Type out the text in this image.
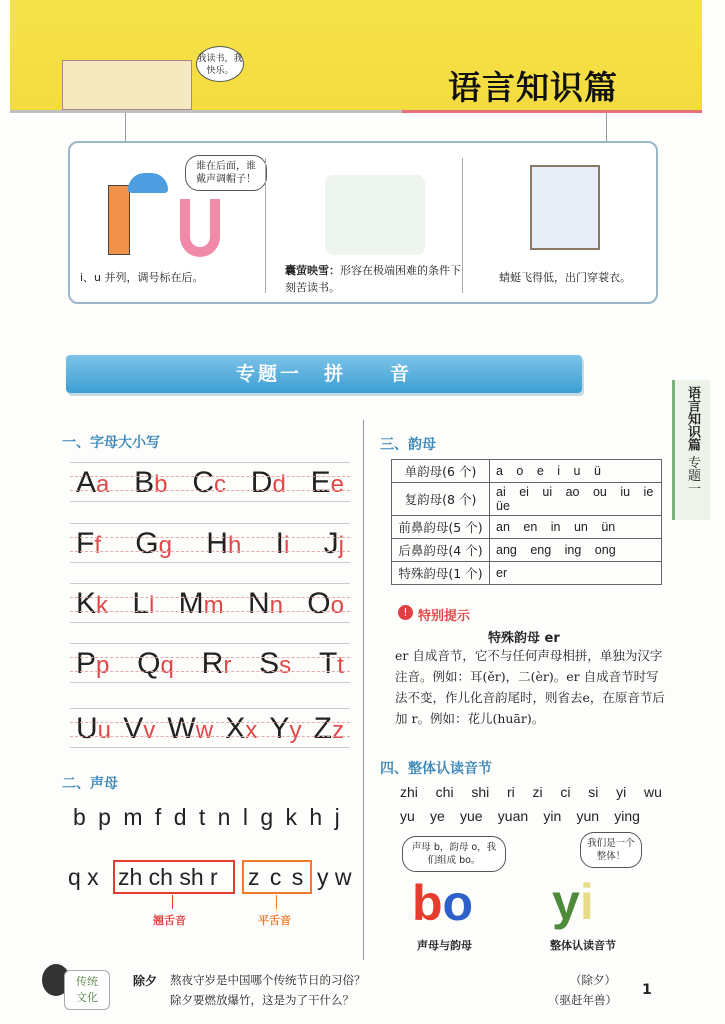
我读书，我快乐。	语言知识篇
谁在后面，谁戴声调帽子！
i、u 并列，调号标在后。
囊萤映雪：形容在极端困难的条件下刻苦读书。
蜻蜓飞得低，出门穿蓑衣。
专题一　拼　　音
语言知识篇 专题一
一、字母大小写
Aa Bb Cc Dd Ee
Ff Gg Hh Ii Jj
Kk Ll Mm Nn Oo
Pp Qq Rr Ss Tt
Uu Vv Ww Xx Yy Zz
二、声母
b p m f d t n l g k h j
q x zh ch sh r z c s y w
翘舌音	平舌音
三、韵母
单韵母(6 个)	a o e i u ü
复韵母(8 个)	ai ei ui ao ou iu ie üe
前鼻韵母(5 个)	an en in un ün
后鼻韵母(4 个)	ang eng ing ong
特殊韵母(1 个)	er
! 特别提示
特殊韵母 er
er 自成音节，它不与任何声母相拼，单独为汉字注音。例如：耳(ěr)，二(èr)。er 自成音节时写法不变，作儿化音韵尾时，则省去e，在原音节后加 r。例如：花儿(huār)。
四、整体认读音节
zhi chi shi ri zi ci si yi wu
yu ye yue yuan yin yun ying
声母 b，韵母 o，我们组成 bo。
bo
我们是一个整体！
yi
声母与韵母	整体认读音节
传统文化
除夕 熬夜守岁是中国哪个传统节日的习俗？
除夕要燃放爆竹，这是为了干什么？
（除夕）
（驱赶年兽）
1
